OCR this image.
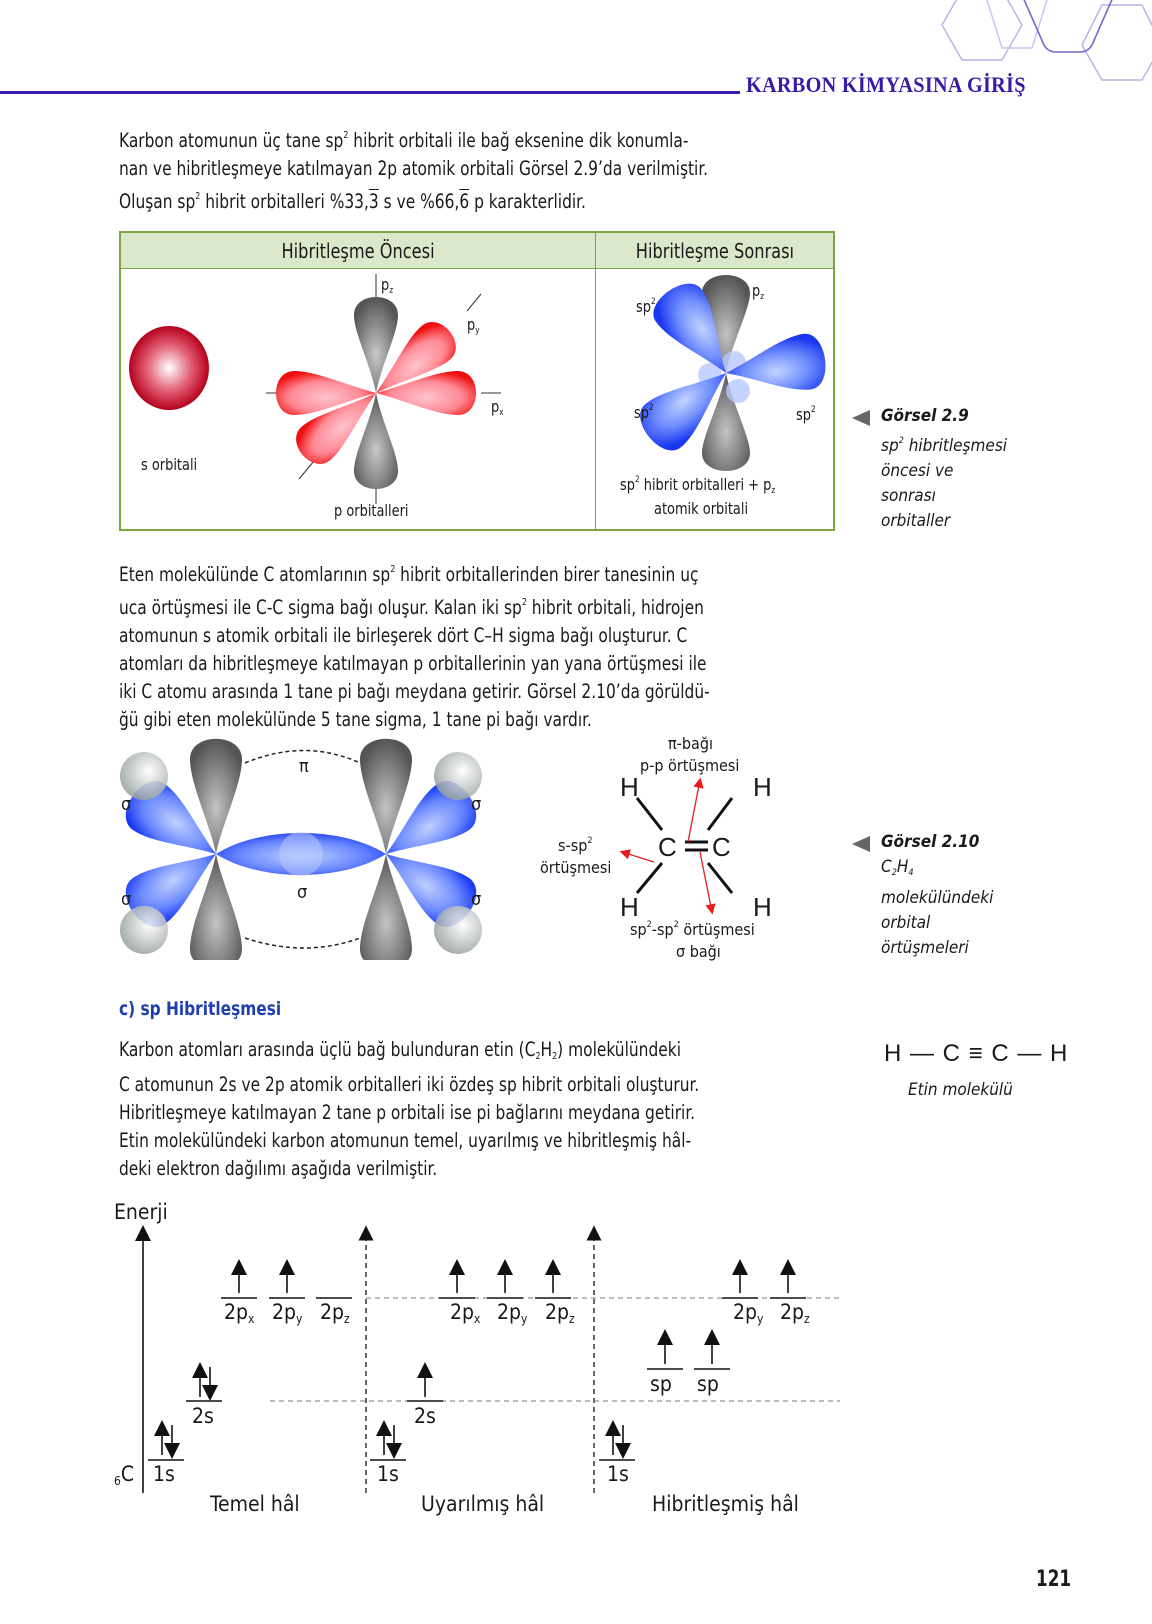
KARBON KİMYASINA GİRİŞ
Karbon atomunun üç tane $sp^2$ hibrit orbitali ile bağ eksenine dik konumla-
nan ve hibritleşmeye katılmayan 2p atomik orbitali Görsel 2.9’da verilmiştir.
Oluşan $sp^2$ hibrit orbitalleri %33,3 s ve %66,6 p karakterlidir.
Hibritleşme Öncesi	Hibritleşme Sonrası

s orbitali
p orbitalleri
$p_z$
$p_y$
$p_x$

$sp^2$
$p_z$
$sp^2$	$sp^2$
$sp^2$ hibrit orbitalleri + $p_z$
atomik orbitali
Görsel 2.9
$sp^2$ hibritleşmesi
öncesi ve
sonrası
orbitaller
Eten molekülünde C atomlarının $sp^2$ hibrit orbitallerinden birer tanesinin uç
uca örtüşmesi ile C-C sigma bağı oluşur. Kalan iki $sp^2$ hibrit orbitali, hidrojen
atomunun s atomik orbitali ile birleşerek dört C–H sigma bağı oluşturur. C
atomları da hibritleşmeye katılmayan p orbitallerinin yan yana örtüşmesi ile
iki C atomu arasında 1 tane pi bağı meydana getirir. Görsel 2.10’da görüldü-
ğü gibi eten molekülünde 5 tane sigma, 1 tane pi bağı vardır.
π
σ	σ
σ
σ	σ
H	H
C C
H	H
π-bağı
p-p örtüşmesi
$s-sp^2$
örtüşmesi
$sp^2-sp^2$ örtüşmesi
σ bağı
Görsel 2.10
$C_2H_4$
molekülündeki
orbital
örtüşmeleri
c) sp Hibritleşmesi
Karbon atomları arasında üçlü bağ bulunduran etin $(C_2H_2)$ molekülündeki
C atomunun 2s ve 2p atomik orbitalleri iki özdeş sp hibrit orbitali oluşturur.
Hibritleşmeye katılmayan 2 tane p orbitali ise pi bağlarını meydana getirir.
Etin molekülündeki karbon atomunun temel, uyarılmış ve hibritleşmiş hâl-
deki elektron dağılımı aşağıda verilmiştir.
H — C ≡ C — H
Etin molekülü
Enerji
$_6$C 1s
2s
$2p_x$ $2p_y$ $2p_z$
1s
2s
$2p_x$ $2p_y$ $2p_z$
1s
sp sp
$2p_y$ $2p_z$
Temel hâl	Uyarılmış hâl	Hibritleşmiş hâl
121
